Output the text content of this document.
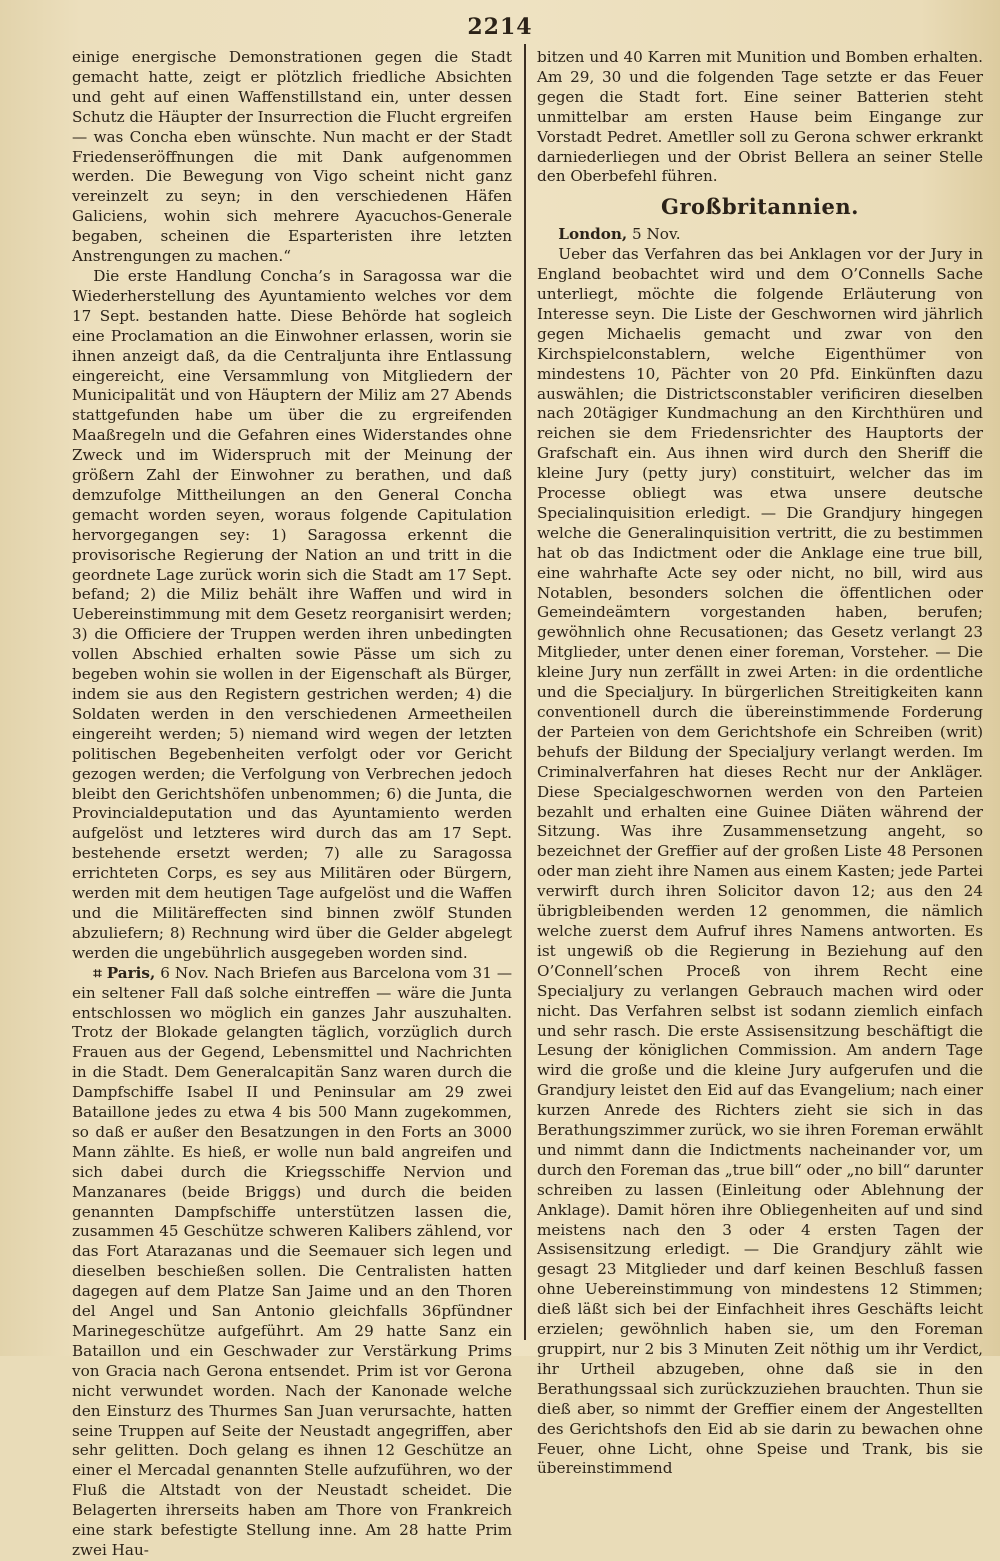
2214

einige energische Demonstrationen gegen die Stadt gemacht hatte, zeigt er plötzlich friedliche Absichten und geht auf einen Waffenstillstand ein, unter dessen Schutz die Häupter der Insurrection die Flucht ergreifen — was Concha eben wünschte. Nun macht er der Stadt Friedenseröffnungen die mit Dank aufgenommen werden. Die Bewegung von Vigo scheint nicht ganz vereinzelt zu seyn; in den verschiedenen Häfen Galiciens, wohin sich mehrere Ayacuchos-Generale begaben, scheinen die Esparteristen ihre letzten Anstrengungen zu machen.“

Die erste Handlung Concha’s in Saragossa war die Wiederherstellung des Ayuntamiento welches vor dem 17 Sept. bestanden hatte. Diese Behörde hat sogleich eine Proclamation an die Einwohner erlassen, worin sie ihnen anzeigt daß, da die Centraljunta ihre Entlassung eingereicht, eine Versammlung von Mitgliedern der Municipalität und von Häuptern der Miliz am 27 Abends stattgefunden habe um über die zu ergreifenden Maaßregeln und die Gefahren eines Widerstandes ohne Zweck und im Widerspruch mit der Meinung der größern Zahl der Einwohner zu berathen, und daß demzufolge Mittheilungen an den General Concha gemacht worden seyen, woraus folgende Capitulation hervorgegangen sey: 1) Saragossa erkennt die provisorische Regierung der Nation an und tritt in die geordnete Lage zurück worin sich die Stadt am 17 Sept. befand; 2) die Miliz behält ihre Waffen und wird in Uebereinstimmung mit dem Gesetz reorganisirt werden; 3) die Officiere der Truppen werden ihren unbedingten vollen Abschied erhalten sowie Pässe um sich zu begeben wohin sie wollen in der Eigenschaft als Bürger, indem sie aus den Registern gestrichen werden; 4) die Soldaten werden in den verschiedenen Armeetheilen eingereiht werden; 5) niemand wird wegen der letzten politischen Begebenheiten verfolgt oder vor Gericht gezogen werden; die Verfolgung von Verbrechen jedoch bleibt den Gerichtshöfen unbenommen; 6) die Junta, die Provincialdeputation und das Ayuntamiento werden aufgelöst und letzteres wird durch das am 17 Sept. bestehende ersetzt werden; 7) alle zu Saragossa errichteten Corps, es sey aus Militären oder Bürgern, werden mit dem heutigen Tage aufgelöst und die Waffen und die Militäreffecten sind binnen zwölf Stunden abzuliefern; 8) Rechnung wird über die Gelder abgelegt werden die ungebührlich ausgegeben worden sind.

⌗ Paris, 6 Nov. Nach Briefen aus Barcelona vom 31 — ein seltener Fall daß solche eintreffen — wäre die Junta entschlossen wo möglich ein ganzes Jahr auszuhalten. Trotz der Blokade gelangten täglich, vorzüglich durch Frauen aus der Gegend, Lebensmittel und Nachrichten in die Stadt. Dem Generalcapitän Sanz waren durch die Dampfschiffe Isabel II und Peninsular am 29 zwei Bataillone jedes zu etwa 4 bis 500 Mann zugekommen, so daß er außer den Besatzungen in den Forts an 3000 Mann zählte. Es hieß, er wolle nun bald angreifen und sich dabei durch die Kriegsschiffe Nervion und Manzanares (beide Briggs) und durch die beiden genannten Dampfschiffe unterstützen lassen die, zusammen 45 Geschütze schweren Kalibers zählend, vor das Fort Atarazanas und die Seemauer sich legen und dieselben beschießen sollen. Die Centralisten hatten dagegen auf dem Platze San Jaime und an den Thoren del Angel und San Antonio gleichfalls 36pfündner Marinegeschütze aufgeführt. Am 29 hatte Sanz ein Bataillon und ein Geschwader zur Verstärkung Prims von Gracia nach Gerona entsendet. Prim ist vor Gerona nicht verwundet worden. Nach der Kanonade welche den Einsturz des Thurmes San Juan verursachte, hatten seine Truppen auf Seite der Neustadt angegriffen, aber sehr gelitten. Doch gelang es ihnen 12 Geschütze an einer el Mercadal genannten Stelle aufzuführen, wo der Fluß die Altstadt von der Neustadt scheidet. Die Belagerten ihrerseits haben am Thore von Frankreich eine stark befestigte Stellung inne. Am 28 hatte Prim zwei Hau-

bitzen und 40 Karren mit Munition und Bomben erhalten. Am 29, 30 und die folgenden Tage setzte er das Feuer gegen die Stadt fort. Eine seiner Batterien steht unmittelbar am ersten Hause beim Eingange zur Vorstadt Pedret. Ametller soll zu Gerona schwer erkrankt darniederliegen und der Obrist Bellera an seiner Stelle den Oberbefehl führen.

Großbritannien.

London, 5 Nov.

Ueber das Verfahren das bei Anklagen vor der Jury in England beobachtet wird und dem O’Connells Sache unterliegt, möchte die folgende Erläuterung von Interesse seyn. Die Liste der Geschwornen wird jährlich gegen Michaelis gemacht und zwar von den Kirchspielconstablern, welche Eigenthümer von mindestens 10, Pächter von 20 Pfd. Einkünften dazu auswählen; die Districtsconstabler verificiren dieselben nach 20tägiger Kundmachung an den Kirchthüren und reichen sie dem Friedensrichter des Hauptorts der Grafschaft ein. Aus ihnen wird durch den Sheriff die kleine Jury (petty jury) constituirt, welcher das im Processe obliegt was etwa unsere deutsche Specialinquisition erledigt. — Die Grandjury hingegen welche die Generalinquisition vertritt, die zu bestimmen hat ob das Indictment oder die Anklage eine true bill, eine wahrhafte Acte sey oder nicht, no bill, wird aus Notablen, besonders solchen die öffentlichen oder Gemeindeämtern vorgestanden haben, berufen; gewöhnlich ohne Recusationen; das Gesetz verlangt 23 Mitglieder, unter denen einer foreman, Vorsteher. — Die kleine Jury nun zerfällt in zwei Arten: in die ordentliche und die Specialjury. In bürgerlichen Streitigkeiten kann conventionell durch die übereinstimmende Forderung der Parteien von dem Gerichtshofe ein Schreiben (writ) behufs der Bildung der Specialjury verlangt werden. Im Criminalverfahren hat dieses Recht nur der Ankläger. Diese Specialgeschwornen werden von den Parteien bezahlt und erhalten eine Guinee Diäten während der Sitzung. Was ihre Zusammensetzung angeht, so bezeichnet der Greffier auf der großen Liste 48 Personen oder man zieht ihre Namen aus einem Kasten; jede Partei verwirft durch ihren Solicitor davon 12; aus den 24 übrigbleibenden werden 12 genommen, die nämlich welche zuerst dem Aufruf ihres Namens antworten. Es ist ungewiß ob die Regierung in Beziehung auf den O’Connell’schen Proceß von ihrem Recht eine Specialjury zu verlangen Gebrauch machen wird oder nicht. Das Verfahren selbst ist sodann ziemlich einfach und sehr rasch. Die erste Assisensitzung beschäftigt die Lesung der königlichen Commission. Am andern Tage wird die große und die kleine Jury aufgerufen und die Grandjury leistet den Eid auf das Evangelium; nach einer kurzen Anrede des Richters zieht sie sich in das Berathungszimmer zurück, wo sie ihren Foreman erwählt und nimmt dann die Indictments nacheinander vor, um durch den Foreman das „true bill“ oder „no bill“ darunter schreiben zu lassen (Einleitung oder Ablehnung der Anklage). Damit hören ihre Obliegenheiten auf und sind meistens nach den 3 oder 4 ersten Tagen der Assisensitzung erledigt. — Die Grandjury zählt wie gesagt 23 Mitglieder und darf keinen Beschluß fassen ohne Uebereinstimmung von mindestens 12 Stimmen; dieß läßt sich bei der Einfachheit ihres Geschäfts leicht erzielen; gewöhnlich haben sie, um den Foreman gruppirt, nur 2 bis 3 Minuten Zeit nöthig um ihr Verdict, ihr Urtheil abzugeben, ohne daß sie in den Berathungssaal sich zurückzuziehen brauchten. Thun sie dieß aber, so nimmt der Greffier einem der Angestellten des Gerichtshofs den Eid ab sie darin zu bewachen ohne Feuer, ohne Licht, ohne Speise und Trank, bis sie übereinstimmend
